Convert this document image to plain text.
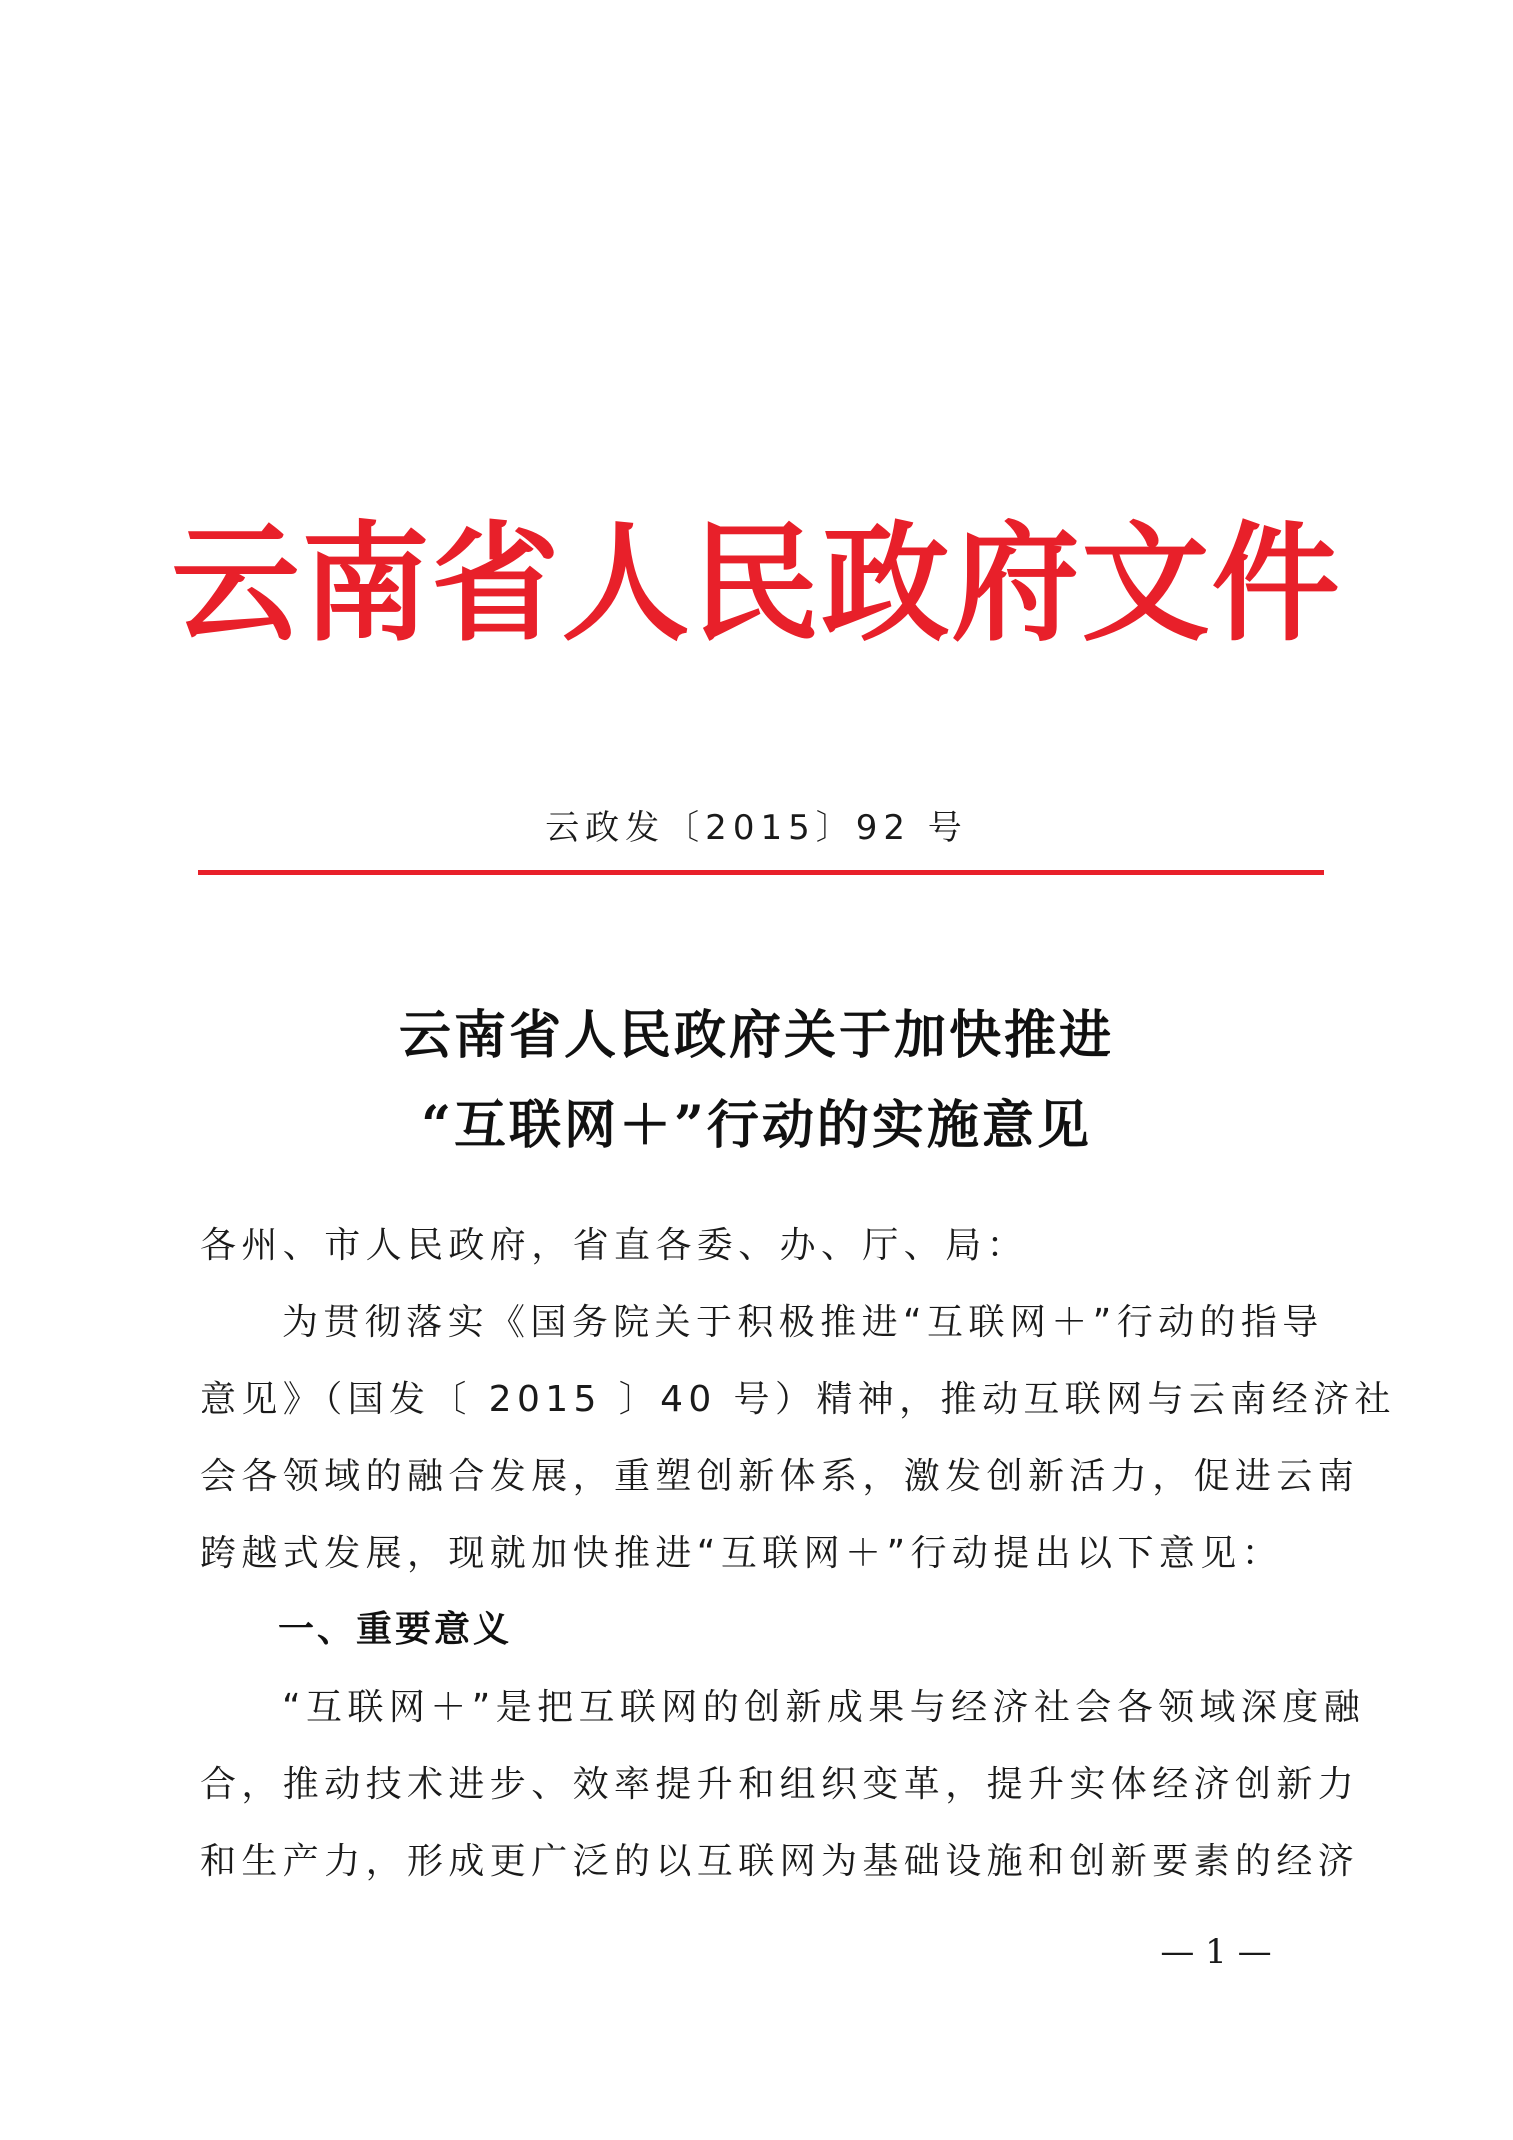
云南省人民政府文件
云政发〔2015〕92 号
云南省人民政府关于加快推进
“互联网＋”行动的实施意见
各州、市人民政府，省直各委、办、厅、局：
为贯彻落实《国务院关于积极推进“互联网＋”行动的指导
意见》（国发〔 2015 〕40 号）精神，推动互联网与云南经济社
会各领域的融合发展，重塑创新体系，激发创新活力，促进云南
跨越式发展，现就加快推进“互联网＋”行动提出以下意见：
一、重要意义
“互联网＋”是把互联网的创新成果与经济社会各领域深度融
合，推动技术进步、效率提升和组织变革，提升实体经济创新力
和生产力，形成更广泛的以互联网为基础设施和创新要素的经济
— 1 —
